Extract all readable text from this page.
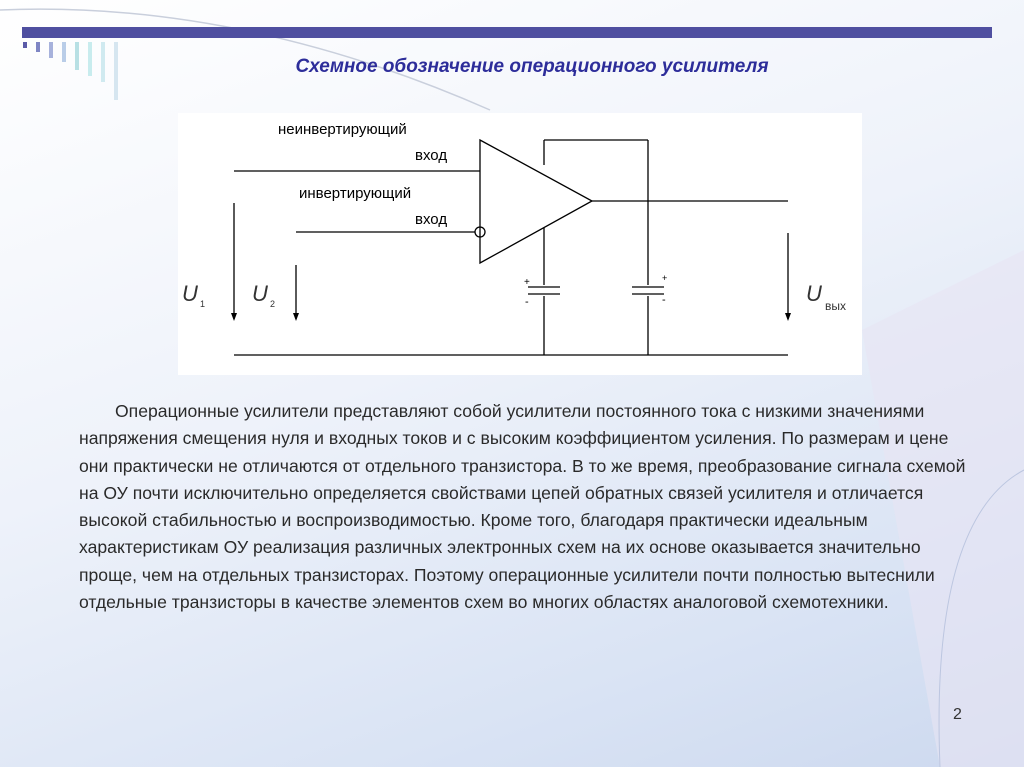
Схемное обозначение операционного усилителя
неинвертирующий
вход
инвертирующий
вход
U 1 U 2	U вых
+
-
+
-
Операционные усилители представляют собой усилители постоянного тока с низкими значениями напряжения смещения нуля и входных токов и с высоким коэффициентом усиления. По размерам и цене они практически не отличаются от отдельного транзистора. В то же время, преобразование сигнала схемой на ОУ почти исключительно определяется свойствами цепей обратных связей усилителя и отличается высокой стабильностью и воспроизводимостью. Кроме того, благодаря практически идеальным характеристикам ОУ реализация различных электронных схем на их основе оказывается значительно проще, чем на отдельных транзисторах. Поэтому операционные усилители почти полностью вытеснили отдельные транзисторы в качестве элементов схем во многих областях аналоговой схемотехники.
2
